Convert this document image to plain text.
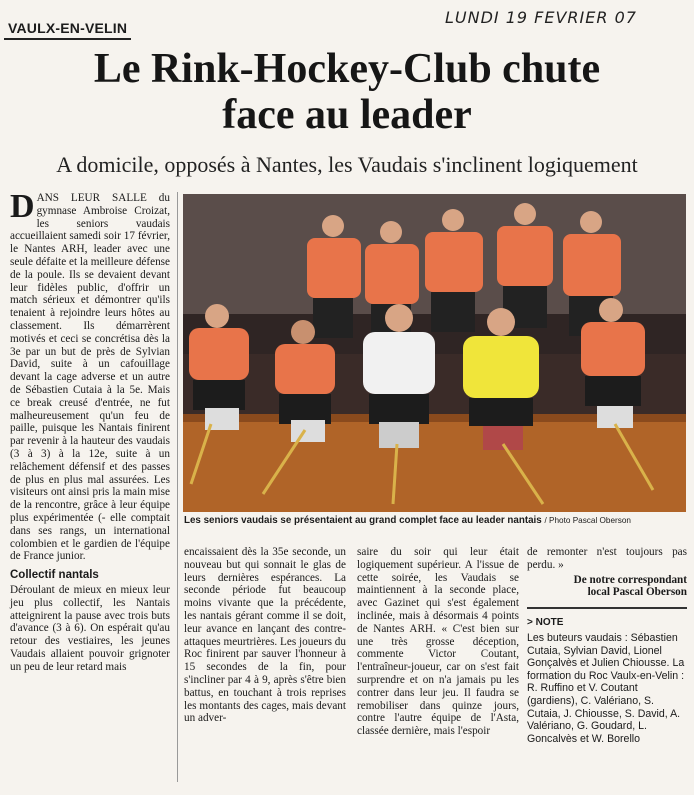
VAULX-EN-VELIN
LUNDI 19 FEVRIER 07
Le Rink-Hockey-Club chute
face au leader
A domicile, opposés à Nantes, les Vaudais s'inclinent logiquement

D ANS LEUR SALLE du gymnase Ambroise Croizat, les seniors vaudais accueillaient samedi soir 17 février, le Nantes ARH, leader avec une seule défaite et la meilleure défense de la poule. Ils se devaient devant leur fidèles public, d'offrir un match sérieux et démontrer qu'ils tenaient à rejoindre leurs hôtes au classement. Ils démarrèrent motivés et ceci se concrétisa dès la 3e par un but de près de Sylvian David, suite à un cafouillage devant la cage adverse et un autre de Sébastien Cutaia à la 5e. Mais ce break creusé d'entrée, ne fut malheureusement qu'un feu de paille, puisque les Nantais finirent par revenir à la hauteur des vaudais (3 à 3) à la 12e, suite à un relâchement défensif et des passes de plus en plus mal assurées. Les visiteurs ont ainsi pris la main mise de la rencontre, grâce à leur équipe plus expérimentée (- elle comptait dans ses rangs, un international colombien et le gardien de l'équipe de France junior.

Collectif nantals

Déroulant de mieux en mieux leur jeu plus collectif, les Nantais atteignirent la pause avec trois buts d'avance (3 à 6). On espérait qu'au retour des vestiaires, les jeunes Vaudais allaient pouvoir grignoter un peu de leur retard mais

Les seniors vaudais se présentaient au grand complet face au leader nantais / Photo Pascal Oberson

encaissaient dès la 35e seconde, un nouveau but qui sonnait le glas de leurs dernières espérances. La seconde période fut beaucoup moins vivante que la précédente, les nantais gérant comme il se doit, leur avance en lançant des contre-attaques meurtrières. Les joueurs du Roc finirent par sauver l'honneur à 15 secondes de la fin, pour s'incliner par 4 à 9, après s'être bien battus, en touchant à trois reprises les montants des cages, mais devant un adver-

saire du soir qui leur était logiquement supérieur. A l'issue de cette soirée, les Vaudais se maintiennent à la seconde place, avec Gazinet qui s'est également inclinée, mais à désormais 4 points de Nantes ARH. « C'est bien sur une très grosse déception, commente Victor Coutant, l'entraîneur-joueur, car on s'est fait surprendre et on n'a jamais pu les contrer dans leur jeu. Il faudra se remobiliser dans quinze jours, contre l'autre équipe de l'Asta, classée dernière, mais l'espoir

de remonter n'est toujours pas perdu. »

De notre correspondant
local Pascal Oberson
> NOTE
Les buteurs vaudais : Sébastien Cutaia, Sylvian David, Lionel Gonçalvès et Julien Chiousse. La formation du Roc Vaulx-en-Velin : R. Ruffino et V. Coutant (gardiens), C. Valériano, S. Cutaia, J. Chiousse, S. David, A. Valériano, G. Goudard, L. Goncalvès et W. Borello
